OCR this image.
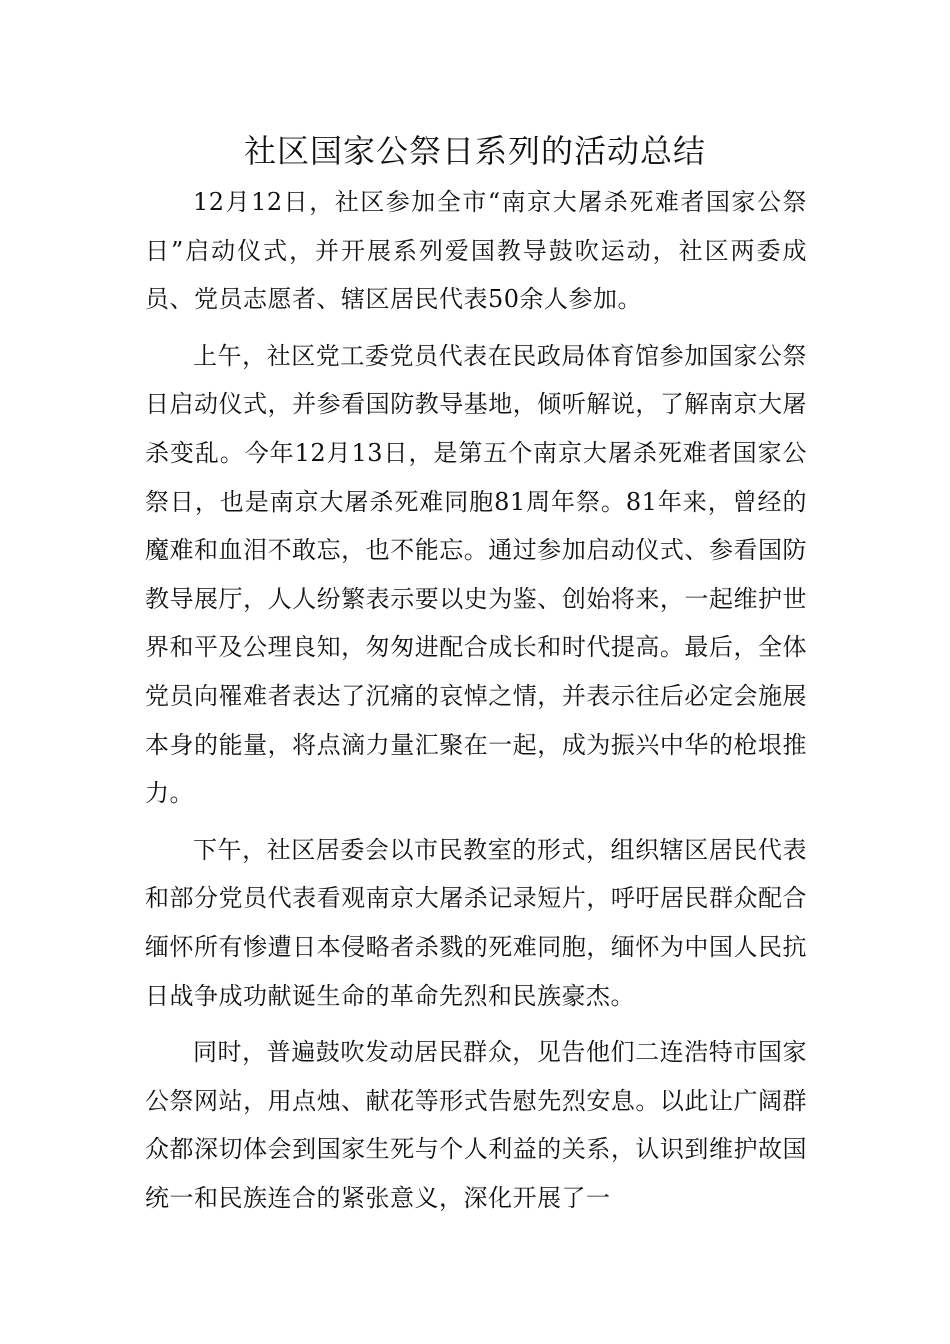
社区国家公祭日系列的活动总结

12月12日，社区参加全市“南京大屠杀死难者国家公祭日”启动仪式，并开展系列爱国教导鼓吹运动，社区两委成员、党员志愿者、辖区居民代表50余人参加。

上午，社区党工委党员代表在民政局体育馆参加国家公祭日启动仪式，并参看国防教导基地，倾听解说，了解南京大屠杀变乱。今年12月13日，是第五个南京大屠杀死难者国家公祭日，也是南京大屠杀死难同胞81周年祭。81年来，曾经的魔难和血泪不敢忘，也不能忘。通过参加启动仪式、参看国防教导展厅，人人纷繁表示要以史为鉴、创始将来，一起维护世界和平及公理良知，匆匆进配合成长和时代提高。最后，全体党员向罹难者表达了沉痛的哀悼之情，并表示往后必定会施展本身的能量，将点滴力量汇聚在一起，成为振兴中华的枪垠推力。

下午，社区居委会以市民教室的形式，组织辖区居民代表和部分党员代表看观南京大屠杀记录短片，呼吁居民群众配合缅怀所有惨遭日本侵略者杀戮的死难同胞，缅怀为中国人民抗日战争成功献诞生命的革命先烈和民族豪杰。

同时，普遍鼓吹发动居民群众，见告他们二连浩特市国家公祭网站，用点烛、献花等形式告慰先烈安息。以此让广阔群众都深切体会到国家生死与个人利益的关系，认识到维护故国统一和民族连合的紧张意义，深化开展了一
